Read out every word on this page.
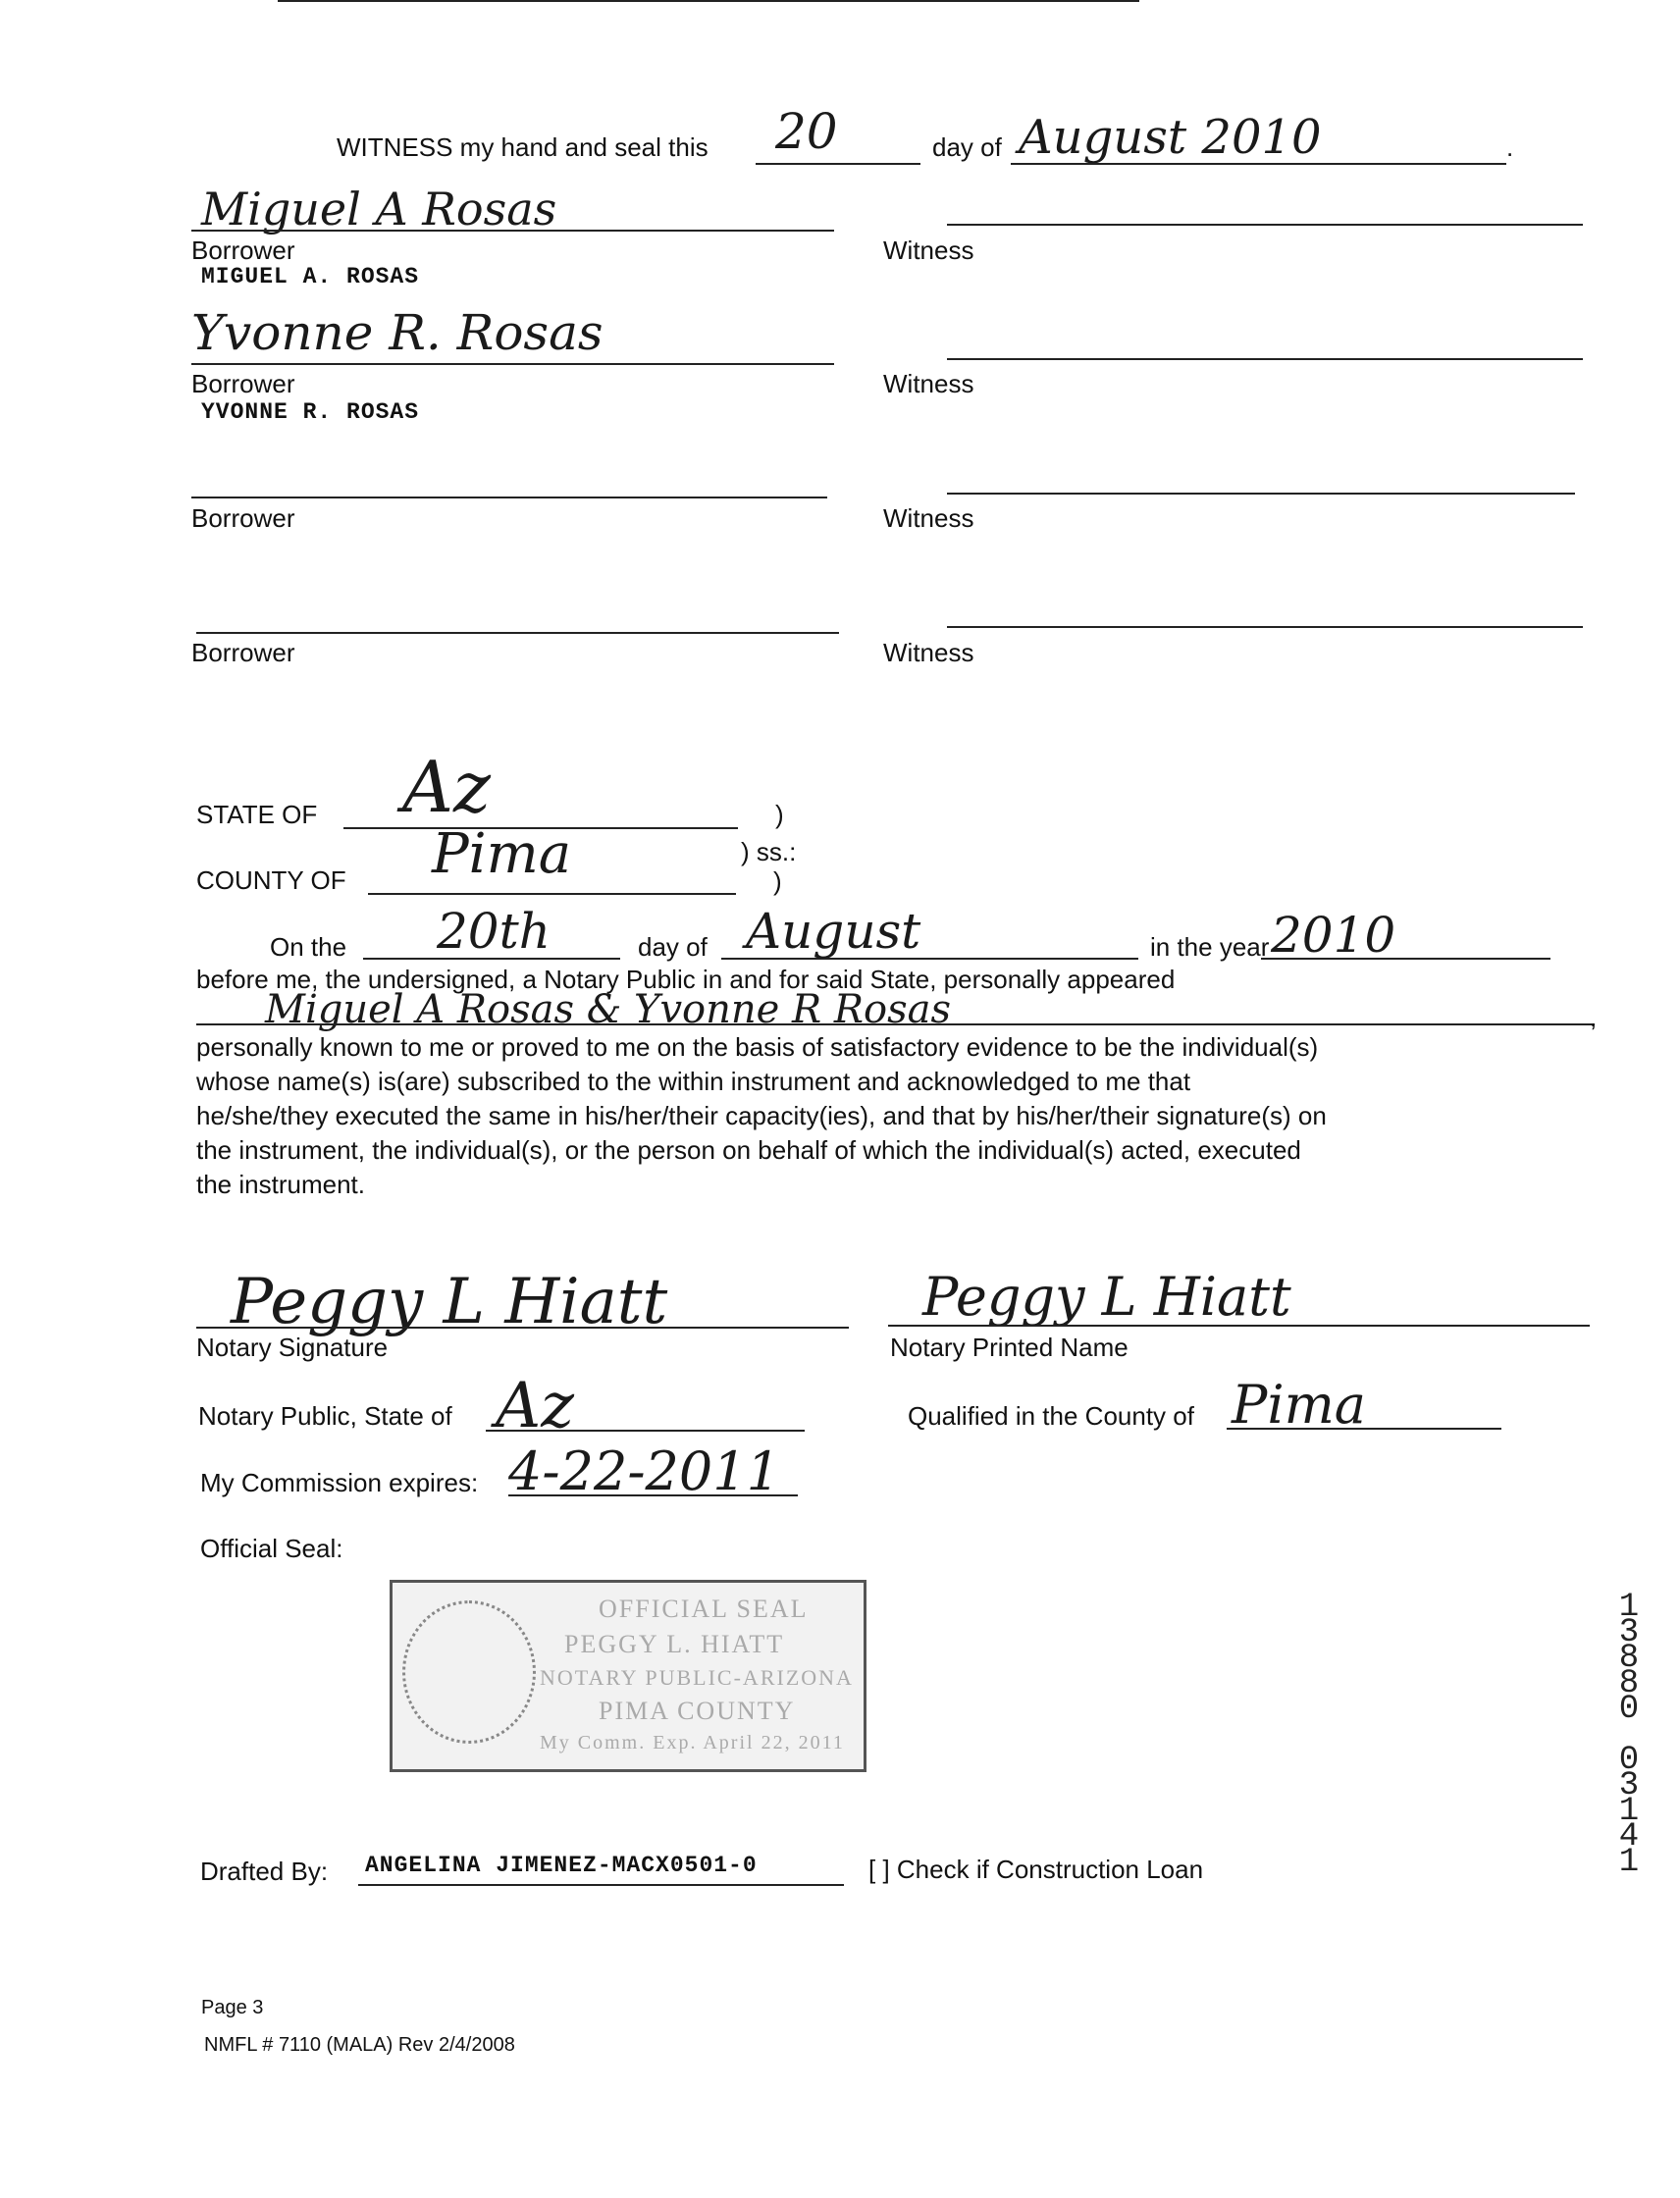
WITNESS my hand and seal this 20	day of August 2010	.
Miguel A Rosas
Borrower
MIGUEL A. ROSAS
Witness
Yvonne R. Rosas
Borrower
YVONNE R. ROSAS
Witness
Borrower	Witness
Borrower	Witness
STATE OF Az	)
COUNTY OF Pima	) ss.:
)
On the 20th	day of August	in the year 2010
before me, the undersigned, a Notary Public in and for said State, personally appeared
Miguel A Rosas & Yvonne R Rosas	,
personally known to me or proved to me on the basis of satisfactory evidence to be the individual(s)
whose name(s) is(are) subscribed to the within instrument and acknowledged to me that
he/she/they executed the same in his/her/their capacity(ies), and that by his/her/their signature(s) on
the instrument, the individual(s), or the person on behalf of which the individual(s) acted, executed
the instrument.
Peggy L Hiatt
Notary Signature
Peggy L Hiatt
Notary Printed Name
Notary Public, State of Az	Qualified in the County of Pima
My Commission expires: 4-22-2011
Official Seal:
OFFICIAL SEAL
PEGGY L. HIATT
NOTARY PUBLIC-ARIZONA
PIMA COUNTY
My Comm. Exp. April 22, 2011
Drafted By: ANGELINA JIMENEZ-MACX0501-0	[ ] Check if Construction Loan
Page 3
NMFL # 7110 (MALA) Rev 2/4/2008
1
3
8
8
0

0
3
1
4
1
